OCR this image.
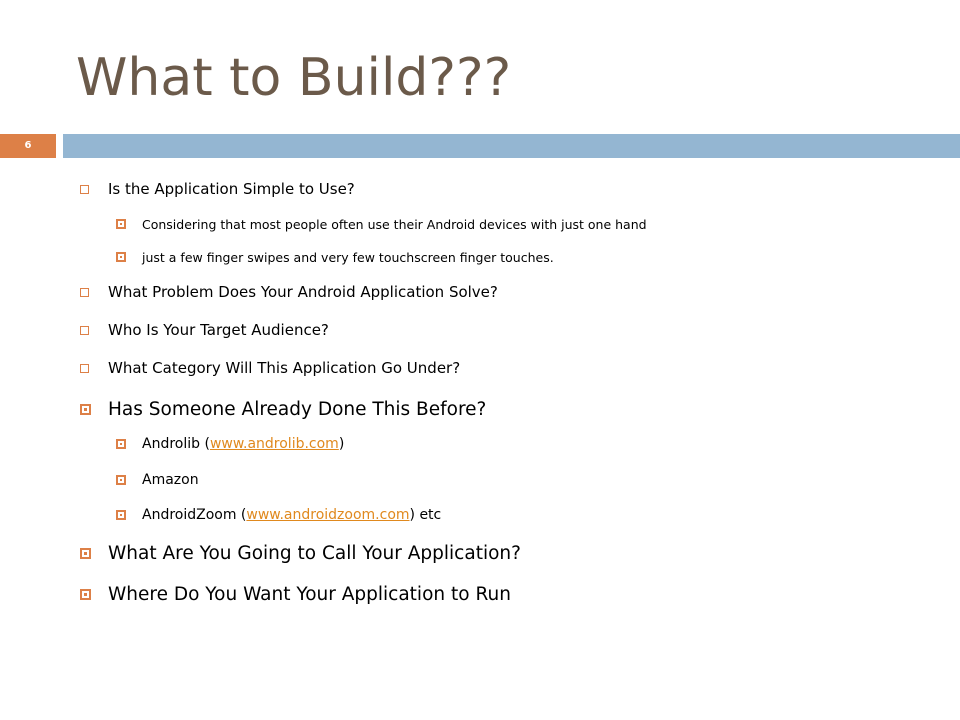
What to Build???
6
Is the Application Simple to Use?
Considering that most people often use their Android devices with just one hand
just a few finger swipes and very few touchscreen finger touches.
What Problem Does Your Android Application Solve?
Who Is Your Target Audience?
What Category Will This Application Go Under?
Has Someone Already Done This Before?
Androlib (www.androlib.com)
Amazon
AndroidZoom (www.androidzoom.com) etc
What Are You Going to Call Your Application?
Where Do You Want Your Application to Run
